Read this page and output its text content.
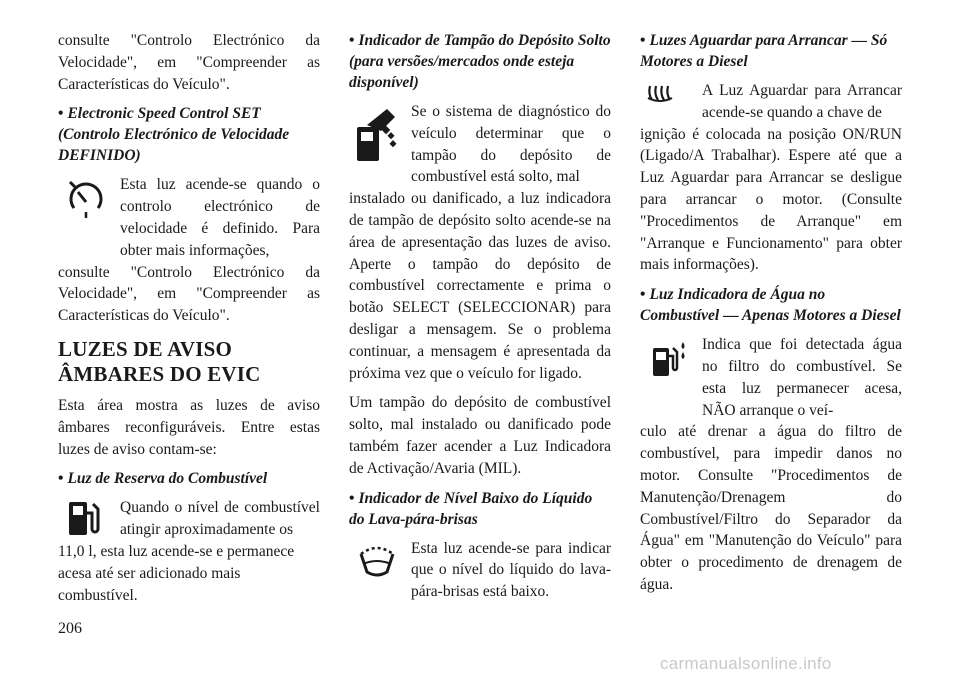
consulte "Controlo Electrónico da Velocidade", em "Compreender as Características do Veículo".

• Electronic Speed Control SET (Controlo Electrónico de Velocidade DEFINIDO)

Esta luz acende-se quando o controlo electrónico de velocidade é definido. Para obter mais informações,

consulte "Controlo Electrónico da Velocidade", em "Compreender as Características do Veículo".

LUZES DE AVISO
ÂMBARES DO EVIC

Esta área mostra as luzes de aviso âmbares reconfiguráveis. Entre estas luzes de aviso contam-se:

• Luz de Reserva do Combustível

Quando o nível de combustível atingir aproximadamente os

11,0 l, esta luz acende-se e permanece acesa até ser adicionado mais combustível.

• Indicador de Tampão do Depósito Solto (para versões/mercados onde esteja disponível)

Se o sistema de diagnóstico do veículo determinar que o tampão do depósito de combustível está solto, mal

instalado ou danificado, a luz indicadora de tampão de depósito solto acende-se na área de apresentação das luzes de aviso. Aperte o tampão do depósito de combustível correctamente e prima o botão SELECT (SELECCIONAR) para desligar a mensagem. Se o problema continuar, a mensagem é apresentada da próxima vez que o veículo for ligado.

Um tampão do depósito de combustível solto, mal instalado ou danificado pode também fazer acender a Luz Indicadora de Activação/Avaria (MIL).

• Indicador de Nível Baixo do Líquido do Lava-pára-brisas

Esta luz acende-se para indicar que o nível do líquido do lava-pára-brisas está baixo.

• Luzes Aguardar para Arrancar — Só Motores a Diesel

A Luz Aguardar para Arrancar acende-se quando a chave de

ignição é colocada na posição ON/RUN (Ligado/A Trabalhar). Espere até que a Luz Aguardar para Arrancar se desligue para arrancar o motor. (Consulte "Procedimentos de Arranque" em "Arranque e Funcionamento" para obter mais informações).

• Luz Indicadora de Água no Combustível — Apenas Motores a Diesel

Indica que foi detectada água no filtro do combustível. Se esta luz permanecer acesa, NÃO arranque o veí-

culo até drenar a água do filtro de combustível, para impedir danos no motor. Consulte "Procedimentos de Manutenção/Drenagem do Combustível/Filtro do Separador da Água" em "Manutenção do Veículo" para obter o procedimento de drenagem de água.

206
carmanualsonline.info
